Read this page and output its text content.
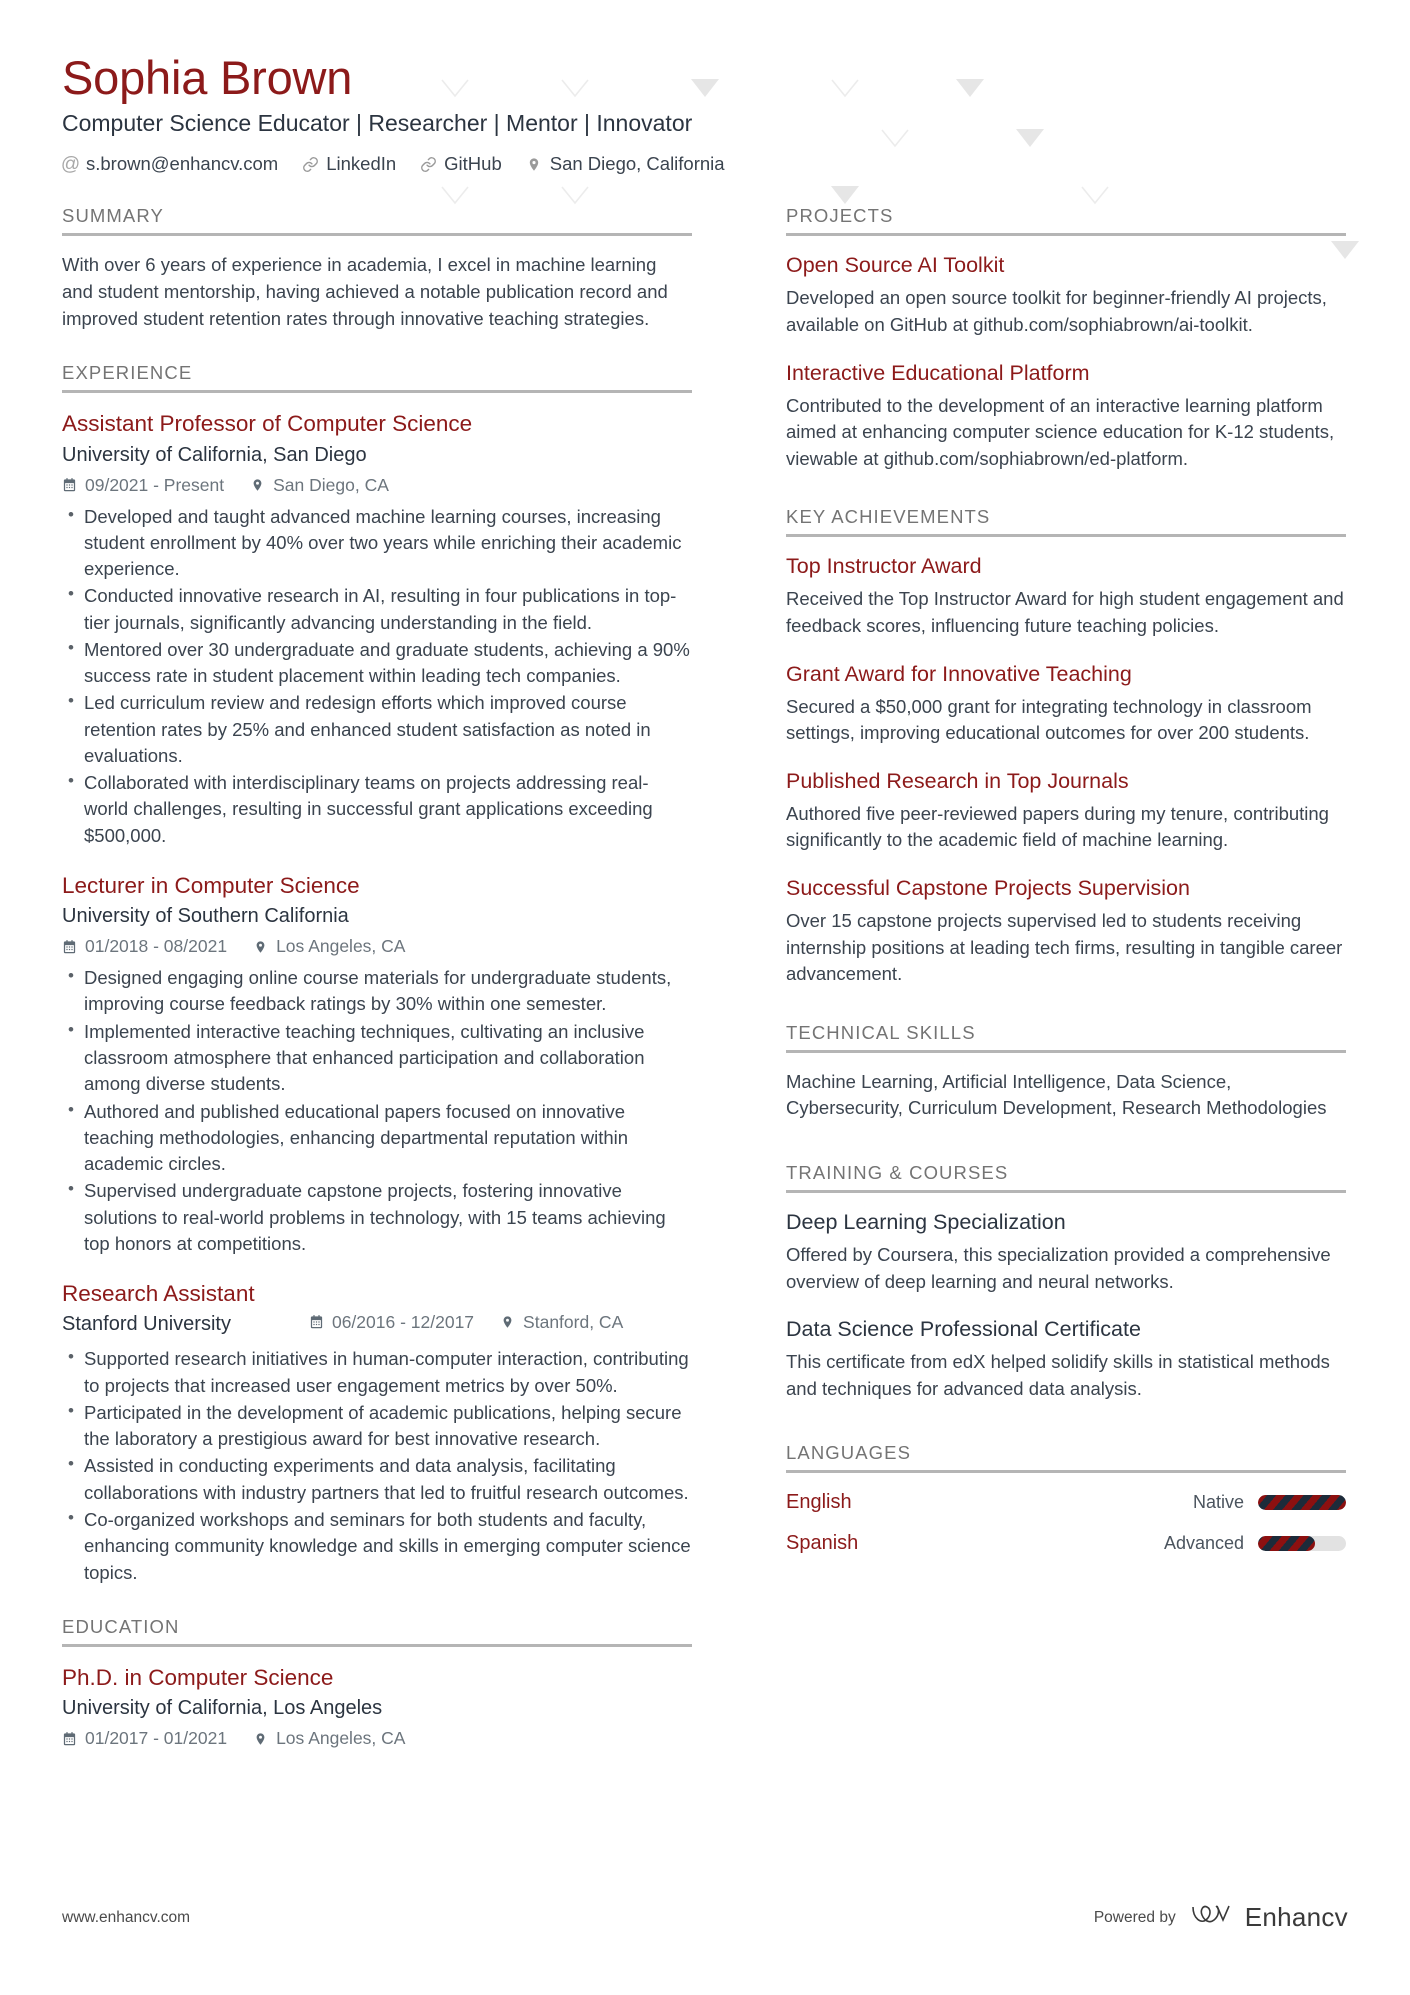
Sophia Brown
Computer Science Educator | Researcher | Mentor | Innovator
@ s.brown@enhancv.com	LinkedIn	GitHub	San Diego, California
SUMMARY
With over 6 years of experience in academia, I excel in machine learning and student mentorship, having achieved a notable publication record and improved student retention rates through innovative teaching strategies.
EXPERIENCE
Assistant Professor of Computer Science
University of California, San Diego
09/2021 - Present	San Diego, CA
• Developed and taught advanced machine learning courses, increasing student enrollment by 40% over two years while enriching their academic experience.
• Conducted innovative research in AI, resulting in four publications in top-tier journals, significantly advancing understanding in the field.
• Mentored over 30 undergraduate and graduate students, achieving a 90% success rate in student placement within leading tech companies.
• Led curriculum review and redesign efforts which improved course retention rates by 25% and enhanced student satisfaction as noted in evaluations.
• Collaborated with interdisciplinary teams on projects addressing real-world challenges, resulting in successful grant applications exceeding $500,000.
Lecturer in Computer Science
University of Southern California
01/2018 - 08/2021	Los Angeles, CA
• Designed engaging online course materials for undergraduate students, improving course feedback ratings by 30% within one semester.
• Implemented interactive teaching techniques, cultivating an inclusive classroom atmosphere that enhanced participation and collaboration among diverse students.
• Authored and published educational papers focused on innovative teaching methodologies, enhancing departmental reputation within academic circles.
• Supervised undergraduate capstone projects, fostering innovative solutions to real-world problems in technology, with 15 teams achieving top honors at competitions.
Research Assistant
Stanford University	06/2016 - 12/2017	Stanford, CA
• Supported research initiatives in human-computer interaction, contributing to projects that increased user engagement metrics by over 50%.
• Participated in the development of academic publications, helping secure the laboratory a prestigious award for best innovative research.
• Assisted in conducting experiments and data analysis, facilitating collaborations with industry partners that led to fruitful research outcomes.
• Co-organized workshops and seminars for both students and faculty, enhancing community knowledge and skills in emerging computer science topics.
EDUCATION
Ph.D. in Computer Science
University of California, Los Angeles
01/2017 - 01/2021	Los Angeles, CA
PROJECTS
Open Source AI Toolkit
Developed an open source toolkit for beginner-friendly AI projects, available on GitHub at github.com/sophiabrown/ai-toolkit.
Interactive Educational Platform
Contributed to the development of an interactive learning platform aimed at enhancing computer science education for K-12 students, viewable at github.com/sophiabrown/ed-platform.
KEY ACHIEVEMENTS
Top Instructor Award
Received the Top Instructor Award for high student engagement and feedback scores, influencing future teaching policies.
Grant Award for Innovative Teaching
Secured a $50,000 grant for integrating technology in classroom settings, improving educational outcomes for over 200 students.
Published Research in Top Journals
Authored five peer-reviewed papers during my tenure, contributing significantly to the academic field of machine learning.
Successful Capstone Projects Supervision
Over 15 capstone projects supervised led to students receiving internship positions at leading tech firms, resulting in tangible career advancement.
TECHNICAL SKILLS
Machine Learning, Artificial Intelligence, Data Science, Cybersecurity, Curriculum Development, Research Methodologies
TRAINING & COURSES
Deep Learning Specialization
Offered by Coursera, this specialization provided a comprehensive overview of deep learning and neural networks.
Data Science Professional Certificate
This certificate from edX helped solidify skills in statistical methods and techniques for advanced data analysis.
LANGUAGES
English	Native
Spanish	Advanced
www.enhancv.com	Powered by	Enhancv
